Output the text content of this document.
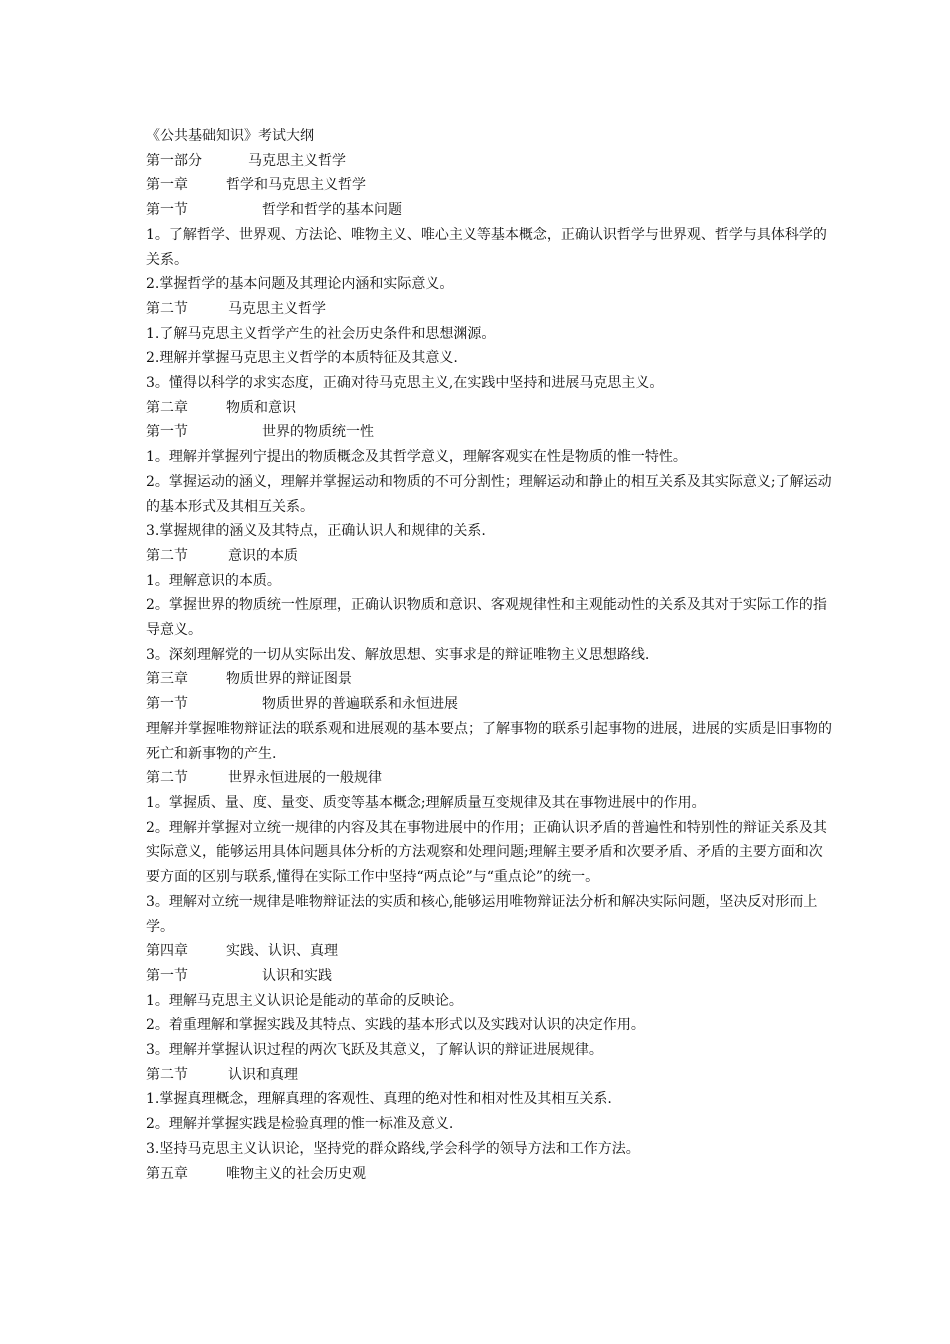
《公共基础知识》考试大纲

第一部分	马克思主义哲学

第一章	哲学和马克思主义哲学

第一节	哲学和哲学的基本问题

1。了解哲学、世界观、方法论、唯物主义、唯心主义等基本概念，正确认识哲学与世界观、哲学与具体科学的关系。

2.掌握哲学的基本问题及其理论内涵和实际意义。

第二节	马克思主义哲学

1.了解马克思主义哲学产生的社会历史条件和思想渊源。

2.理解并掌握马克思主义哲学的本质特征及其意义.

3。懂得以科学的求实态度，正确对待马克思主义,在实践中坚持和进展马克思主义。

第二章	物质和意识

第一节	世界的物质统一性

1。理解并掌握列宁提出的物质概念及其哲学意义，理解客观实在性是物质的惟一特性。

2。掌握运动的涵义，理解并掌握运动和物质的不可分割性；理解运动和静止的相互关系及其实际意义;了解运动的基本形式及其相互关系。

3.掌握规律的涵义及其特点，正确认识人和规律的关系.

第二节	意识的本质

1。理解意识的本质。

2。掌握世界的物质统一性原理，正确认识物质和意识、客观规律性和主观能动性的关系及其对于实际工作的指导意义。

3。深刻理解党的一切从实际出发、解放思想、实事求是的辩证唯物主义思想路线.

第三章	物质世界的辩证图景

第一节	物质世界的普遍联系和永恒进展

理解并掌握唯物辩证法的联系观和进展观的基本要点；了解事物的联系引起事物的进展，进展的实质是旧事物的死亡和新事物的产生.

第二节	世界永恒进展的一般规律

1。掌握质、量、度、量变、质变等基本概念;理解质量互变规律及其在事物进展中的作用。

2。理解并掌握对立统一规律的内容及其在事物进展中的作用；正确认识矛盾的普遍性和特别性的辩证关系及其实际意义，能够运用具体问题具体分析的方法观察和处理问题;理解主要矛盾和次要矛盾、矛盾的主要方面和次要方面的区别与联系,懂得在实际工作中坚持“两点论”与“重点论”的统一。

3。理解对立统一规律是唯物辩证法的实质和核心,能够运用唯物辩证法分析和解决实际问题，坚决反对形而上学。

第四章	实践、认识、真理

第一节	认识和实践

1。理解马克思主义认识论是能动的革命的反映论。

2。着重理解和掌握实践及其特点、实践的基本形式以及实践对认识的决定作用。

3。理解并掌握认识过程的两次飞跃及其意义，了解认识的辩证进展规律。

第二节	认识和真理

1.掌握真理概念，理解真理的客观性、真理的绝对性和相对性及其相互关系.

2。理解并掌握实践是检验真理的惟一标准及意义.

3.坚持马克思主义认识论，坚持党的群众路线,学会科学的领导方法和工作方法。

第五章	唯物主义的社会历史观
